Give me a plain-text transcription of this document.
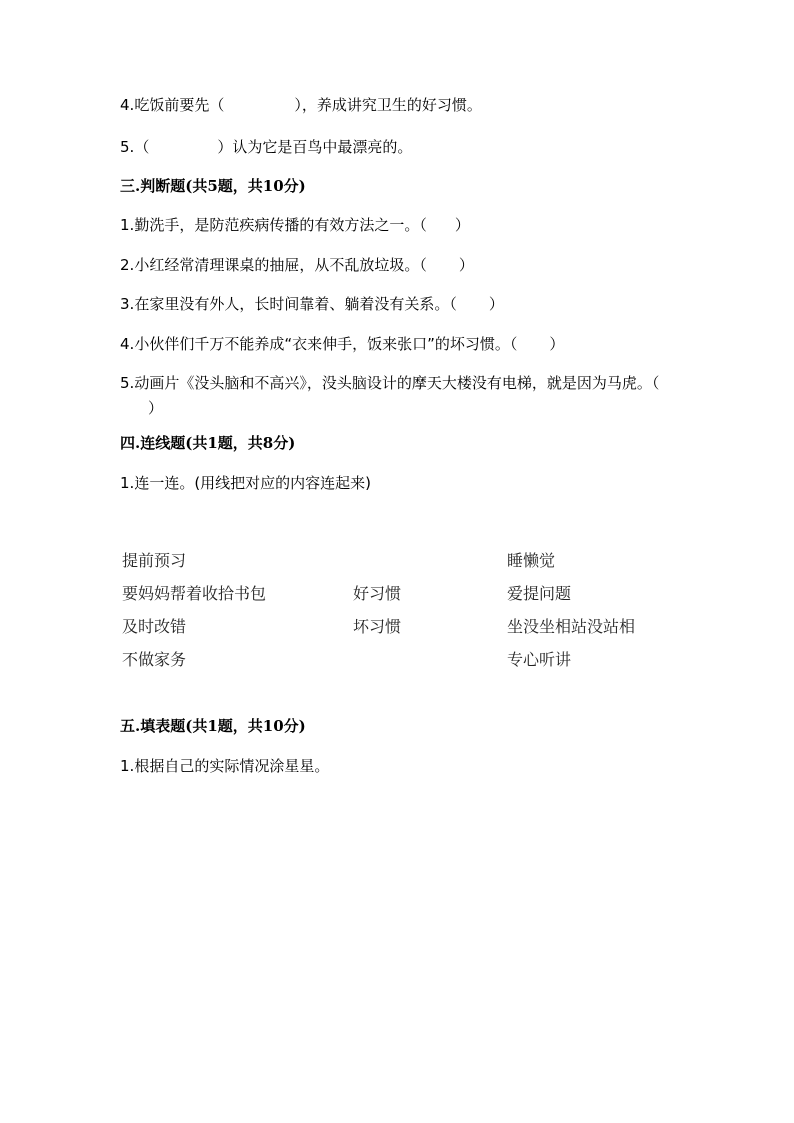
4.吃饭前要先（	），养成讲究卫生的好习惯。
5.（	）认为它是百鸟中最漂亮的。
三.判断题(共5题，共10分)
1.勤洗手，是防范疾病传播的有效方法之一。（ ）
2.小红经常清理课桌的抽屉，从不乱放垃圾。（ ）
3.在家里没有外人，长时间靠着、躺着没有关系。（ ）
4.小伙伴们千万不能养成“衣来伸手，饭来张口”的坏习惯。（ ）
5.动画片《没头脑和不高兴》，没头脑设计的摩天大楼没有电梯，就是因为马虎。（）
四.连线题(共1题，共8分)
1.连一连。(用线把对应的内容连起来)
提前预习
要妈妈帮着收拾书包
及时改错
不做家务
好习惯
坏习惯
睡懒觉
爱提问题
坐没坐相站没站相
专心听讲
五.填表题(共1题，共10分)
1.根据自己的实际情况涂星星。
